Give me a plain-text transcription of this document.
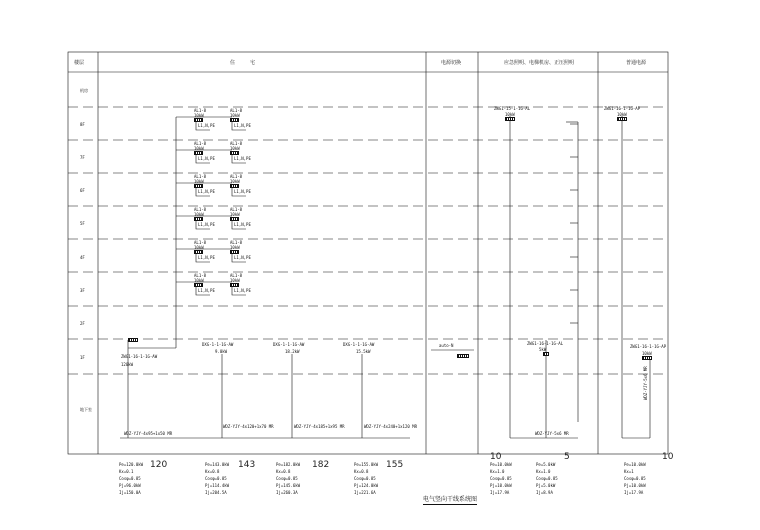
楼层	住　　　宅	电源切换	应急照明、电梯机房、正压照明	普通电源
机房
8F
7F
6F
5F
4F
3F
2F
1F
地下室
AL1-8
10kW
L1,N,PE
AL1-8
10kW
L1,N,PE
AL1-8
10kW
L1,N,PE
AL1-8
10kW
L1,N,PE
AL1-8
10kW
L1,N,PE
AL1-8
10kW
L1,N,PE
AL1-8
10kW
L1,N,PE
AL1-8
10kW
L1,N,PE
AL1-8
10kW
L1,N,PE
AL1-8
10kW
L1,N,PE
AL1-8
10kW
L1,N,PE
AL1-8
10kW
L1,N,PE
ZWG1-16-1-1G-AW
120kW
DXG-1-1-1G-AW
9.0kW
DXG-1-1-1G-AW
18.2kW
DXG-1-1-1G-AW
15.5kW
auto-N
ZWG1-15-1-1G-AL
10kW
ZWG1-16-1-1G-AL
5kW
ZWG1-16-1-1G-AP
10kW
ZWG1-16-1-1G-AP
10kW
WDZ-YJY-4x95+1x50 MR
WDZ-YJY-4x120+1x70 MR	WDZ-YJY-4x185+1x95 MR	WDZ-YJY-4x240+1x120 MR
WDZ-YJY-5x6 MR
WDZ-YJY-5x6 MR
Pe=120.0kW
Kx=0.1
Cosφ=0.85
Pj=96.0kW
Ij=150.0A
120	Pe=143.0kW
Kx=0.8
Cosφ=0.85
Pj=114.4kW
Ij=204.5A
143	Pe=182.0kW
Kx=0.8
Cosφ=0.85
Pj=145.6kW
Ij=260.3A
182	Pe=155.0kW
Kx=0.8
Cosφ=0.85
Pj=124.0kW
Ij=221.6A
155	Pe=10.0kW
Kx=1.0
Cosφ=0.85
Pj=10.0kW
Ij=17.9A
10
Pe=5.0kW
Kx=1.0
Cosφ=0.85
Pj=5.0kW
Ij=8.9A
5
Pe=10.0kW
Kx=1
Cosφ=0.85
Pj=10.0kW
Ij=17.9A
10
电气竖向干线系统图
